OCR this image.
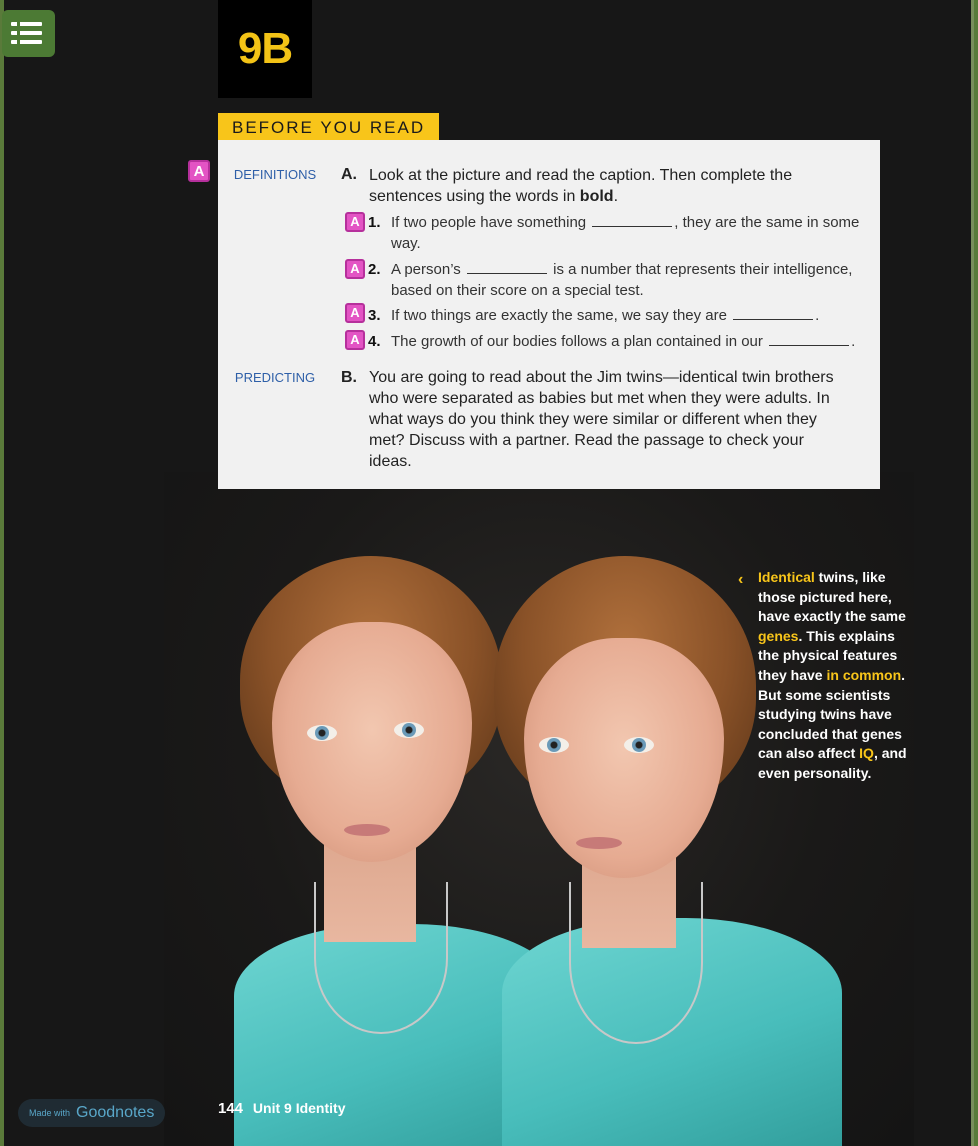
9B
BEFORE YOU READ
A	DEFINITIONS A. Look at the picture and read the caption. Then complete the sentences using the words in bold.
A 1. If two people have something	, they are the same in some way.
A 2. A person’s	is a number that represents their intelligence, based on their score on a special test.
A 3. If two things are exactly the same, we say they are	.
A 4. The growth of our bodies follows a plan contained in our	.
PREDICTING B. You are going to read about the Jim twins—identical twin brothers who were separated as babies but met when they were adults. In what ways do you think they were similar or different when they met? Discuss with a partner. Read the passage to check your ideas.
‹ Identical twins, like those pictured here, have exactly the same genes. This explains the physical features they have in common. But some scientists studying twins have concluded that genes can also affect IQ, and even personality.
144 Unit 9 Identity
Made with Goodnotes
